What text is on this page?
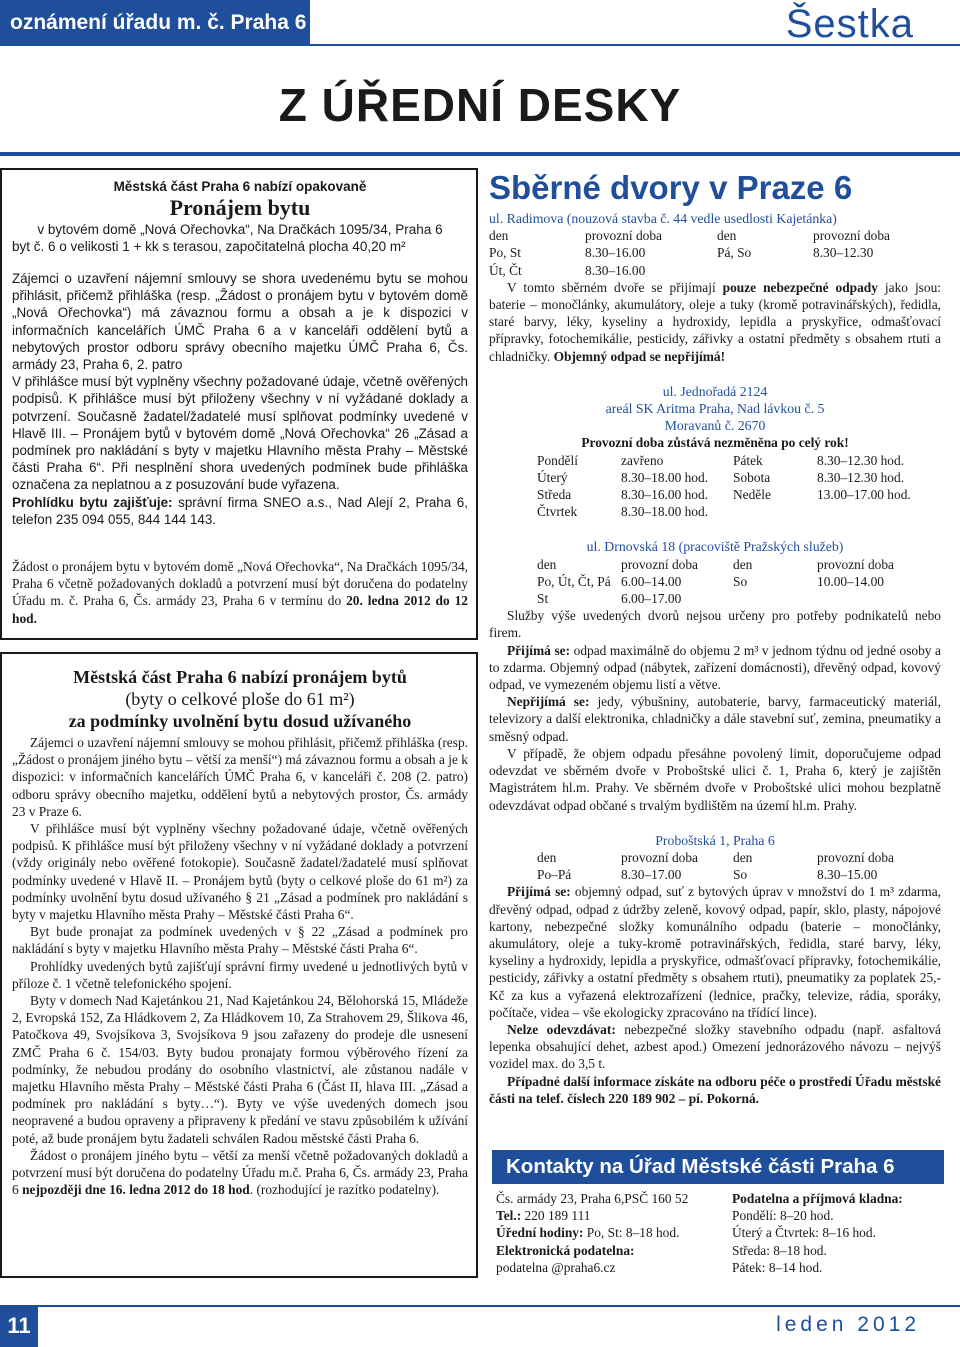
oznámení úřadu m. č. Praha 6	Šestka
Z ÚŘEDNÍ DESKY
Městská část Praha 6 nabízí opakovaně
Pronájem bytu
v bytovém domě „Nová Ořechovka“, Na Dračkách 1095/34, Praha 6
byt č. 6 o velikosti 1 + kk s terasou, započitatelná plocha 40,20 m²
Zájemci o uzavření nájemní smlouvy se shora uvedenému bytu se mohou přihlásit, přičemž přihláška (resp. „Žádost o pronájem bytu v bytovém domě „Nová Ořechovka“) má závaznou formu a obsah a je k dispozici v informačních kancelářích ÚMČ Praha 6 a v kanceláři oddělení bytů a nebytových prostor odboru správy obecního majetku ÚMČ Praha 6, Čs. armády 23, Praha 6, 2. patro
V přihlášce musí být vyplněny všechny požadované údaje, včetně ověřených podpisů. K přihlášce musí být přiloženy všechny v ní vyžádané doklady a potvrzení. Současně žadatel/žadatelé musí splňovat podmínky uvedené v Hlavě III. – Pronájem bytů v bytovém domě „Nová Ořechovka“ 26 „Zásad a podmínek pro nakládání s byty v majetku Hlavního města Prahy – Městské části Praha 6“. Při nesplnění shora uvedených podmínek bude přihláška označena za neplatnou a z posuzování bude vyřazena.
Prohlídku bytu zajišťuje: správní firma SNEO a.s., Nad Alejí 2, Praha 6, telefon 235 094 055, 844 144 143.
Žádost o pronájem bytu v bytovém domě „Nová Ořechovka“, Na Dračkách 1095/34, Praha 6 včetně požadovaných dokladů a potvrzení musí být doručena do podatelny Úřadu m. č. Praha 6, Čs. armády 23, Praha 6 v termínu do 20. ledna 2012 do 12 hod.
Městská část Praha 6 nabízí pronájem bytů
(byty o celkové ploše do 61 m²)
za podmínky uvolnění bytu dosud užívaného
Zájemci o uzavření nájemní smlouvy se mohou přihlásit, přičemž přihláška (resp. „Žádost o pronájem jiného bytu – větší za menší“) má závaznou formu a obsah a je k dispozici: v informačních kancelářích ÚMČ Praha 6, v kanceláři č. 208 (2. patro) odboru správy obecního majetku, oddělení bytů a nebytových prostor, Čs. armády 23 v Praze 6.
V přihlášce musí být vyplněny všechny požadované údaje, včetně ověřených podpisů. K přihlášce musí být přiloženy všechny v ní vyžádané doklady a potvrzení (vždy originály nebo ověřené fotokopie). Současně žadatel/žadatelé musí splňovat podmínky uvedené v Hlavě II. – Pronájem bytů (byty o celkové ploše do 61 m²) za podmínky uvolnění bytu dosud užívaného § 21 „Zásad a podmínek pro nakládání s byty v majetku Hlavního města Prahy – Městské části Praha 6“.
Byt bude pronajat za podmínek uvedených v § 22 „Zásad a podmínek pro nakládání s byty v majetku Hlavního města Prahy – Městské části Praha 6“.
Prohlídky uvedených bytů zajišťují správní firmy uvedené u jednotlivých bytů v příloze č. 1 včetně telefonického spojení.
Byty v domech Nad Kajetánkou 21, Nad Kajetánkou 24, Bělohorská 15, Mládeže 2, Evropská 152, Za Hládkovem 2, Za Hládkovem 10, Za Strahovem 29, Šlikova 46, Patočkova 49, Svojsíkova 3, Svojsíkova 9 jsou zařazeny do prodeje dle usnesení ZMČ Praha 6 č. 154/03. Byty budou pronajaty formou výběrového řízení za podmínky, že nebudou prodány do osobního vlastnictví, ale zůstanou nadále v majetku Hlavního města Prahy – Městské části Praha 6 (Část II, hlava III. „Zásad a podmínek pro nakládání s byty…“). Byty ve výše uvedených domech jsou neopravené a budou opraveny a připraveny k předání ve stavu způsobilém k užívání poté, až bude pronájem bytu žadateli schválen Radou městské části Praha 6.
Žádost o pronájem jiného bytu – větší za menší včetně požadovaných dokladů a potvrzení musí být doručena do podatelny Úřadu m.č. Praha 6, Čs. armády 23, Praha 6 nejpozději dne 16. ledna 2012 do 18 hod. (rozhodující je razítko podatelny).
Sběrné dvory v Praze 6
ul. Radimova (nouzová stavba č. 44 vedle usedlosti Kajetánka)
den	provozní doba	den	provozní doba
Po, St	8.30–16.00	Pá, So	8.30–12.30
Út, Čt	8.30–16.00		
V tomto sběrném dvoře se přijímají pouze nebezpečné odpady jako jsou: baterie – monočlánky, akumulátory, oleje a tuky (kromě potravinářských), ředidla, staré barvy, léky, kyseliny a hydroxidy, lepidla a pryskyřice, odmašťovací přípravky, fotochemikálie, pesticidy, zářivky a ostatní předměty s obsahem rtuti a chladničky. Objemný odpad se nepřijímá!
ul. Jednořadá 2124
areál SK Aritma Praha, Nad lávkou č. 5
Moravanů č. 2670
Provozní doba zůstává nezměněna po celý rok!
Pondělí	zavřeno	Pátek	8.30–12.30 hod.
Úterý	8.30–18.00 hod.	Sobota	8.30–12.30 hod.
Středa	8.30–16.00 hod.	Neděle	13.00–17.00 hod.
Čtvrtek	8.30–18.00 hod.		
ul. Drnovská 18 (pracoviště Pražských služeb)
den	provozní doba	den	provozní doba
Po, Út, Čt, Pá	6.00–14.00	So	10.00–14.00
St	6.00–17.00		
Služby výše uvedených dvorů nejsou určeny pro potřeby podnikatelů nebo firem.
Přijímá se: odpad maximálně do objemu 2 m³ v jednom týdnu od jedné osoby a to zdarma. Objemný odpad (nábytek, zařízení domácnosti), dřevěný odpad, kovový odpad, ve vymezeném objemu listí a větve.
Nepřijímá se: jedy, výbušniny, autobaterie, barvy, farmaceutický materiál, televizory a další elektronika, chladničky a dále stavební suť, zemina, pneumatiky a směsný odpad.
V případě, že objem odpadu přesáhne povolený limit, doporučujeme odpad odevzdat ve sběrném dvoře v Proboštské ulici č. 1, Praha 6, který je zajištěn Magistrátem hl.m. Prahy. Ve sběrném dvoře v Proboštské ulici mohou bezplatně odevzdávat odpad občané s trvalým bydlištěm na území hl.m. Prahy.
Proboštská 1, Praha 6
den	provozní doba	den	provozní doba
Po–Pá	8.30–17.00	So	8.30–15.00
Přijímá se: objemný odpad, suť z bytových úprav v množství do 1 m³ zdarma, dřevěný odpad, odpad z údržby zeleně, kovový odpad, papír, sklo, plasty, nápojové kartony, nebezpečné složky komunálního odpadu (baterie – monočlánky, akumulátory, oleje a tuky-kromě potravinářských, ředidla, staré barvy, léky, kyseliny a hydroxidy, lepidla a pryskyřice, odmašťovací přípravky, fotochemikálie, pesticidy, zářivky a ostatní předměty s obsahem rtuti), pneumatiky za poplatek 25,- Kč za kus a vyřazená elektrozařízení (lednice, pračky, televize, rádia, sporáky, počítače, videa – vše ekologicky zpracováno na třídící lince).
Nelze odevzdávat: nebezpečné složky stavebního odpadu (např. asfaltová lepenka obsahující dehet, azbest apod.) Omezení jednorázového návozu – nejvýš vozidel max. do 3,5 t.
Případné další informace získáte na odboru péče o prostředí Úřadu městské části na telef. číslech 220 189 902 – pí. Pokorná.
Kontakty na Úřad Městské části Praha 6
Čs. armády 23, Praha 6,PSČ 160 52
Tel.: 220 189 111
Úřední hodiny: Po, St: 8–18 hod.
Elektronická podatelna:
podatelna @praha6.cz
Podatelna a příjmová kladna:
Pondělí: 8–20 hod.
Úterý a Čtvrtek: 8–16 hod.
Středa: 8–18 hod.
Pátek: 8–14 hod.
11	leden 2012
